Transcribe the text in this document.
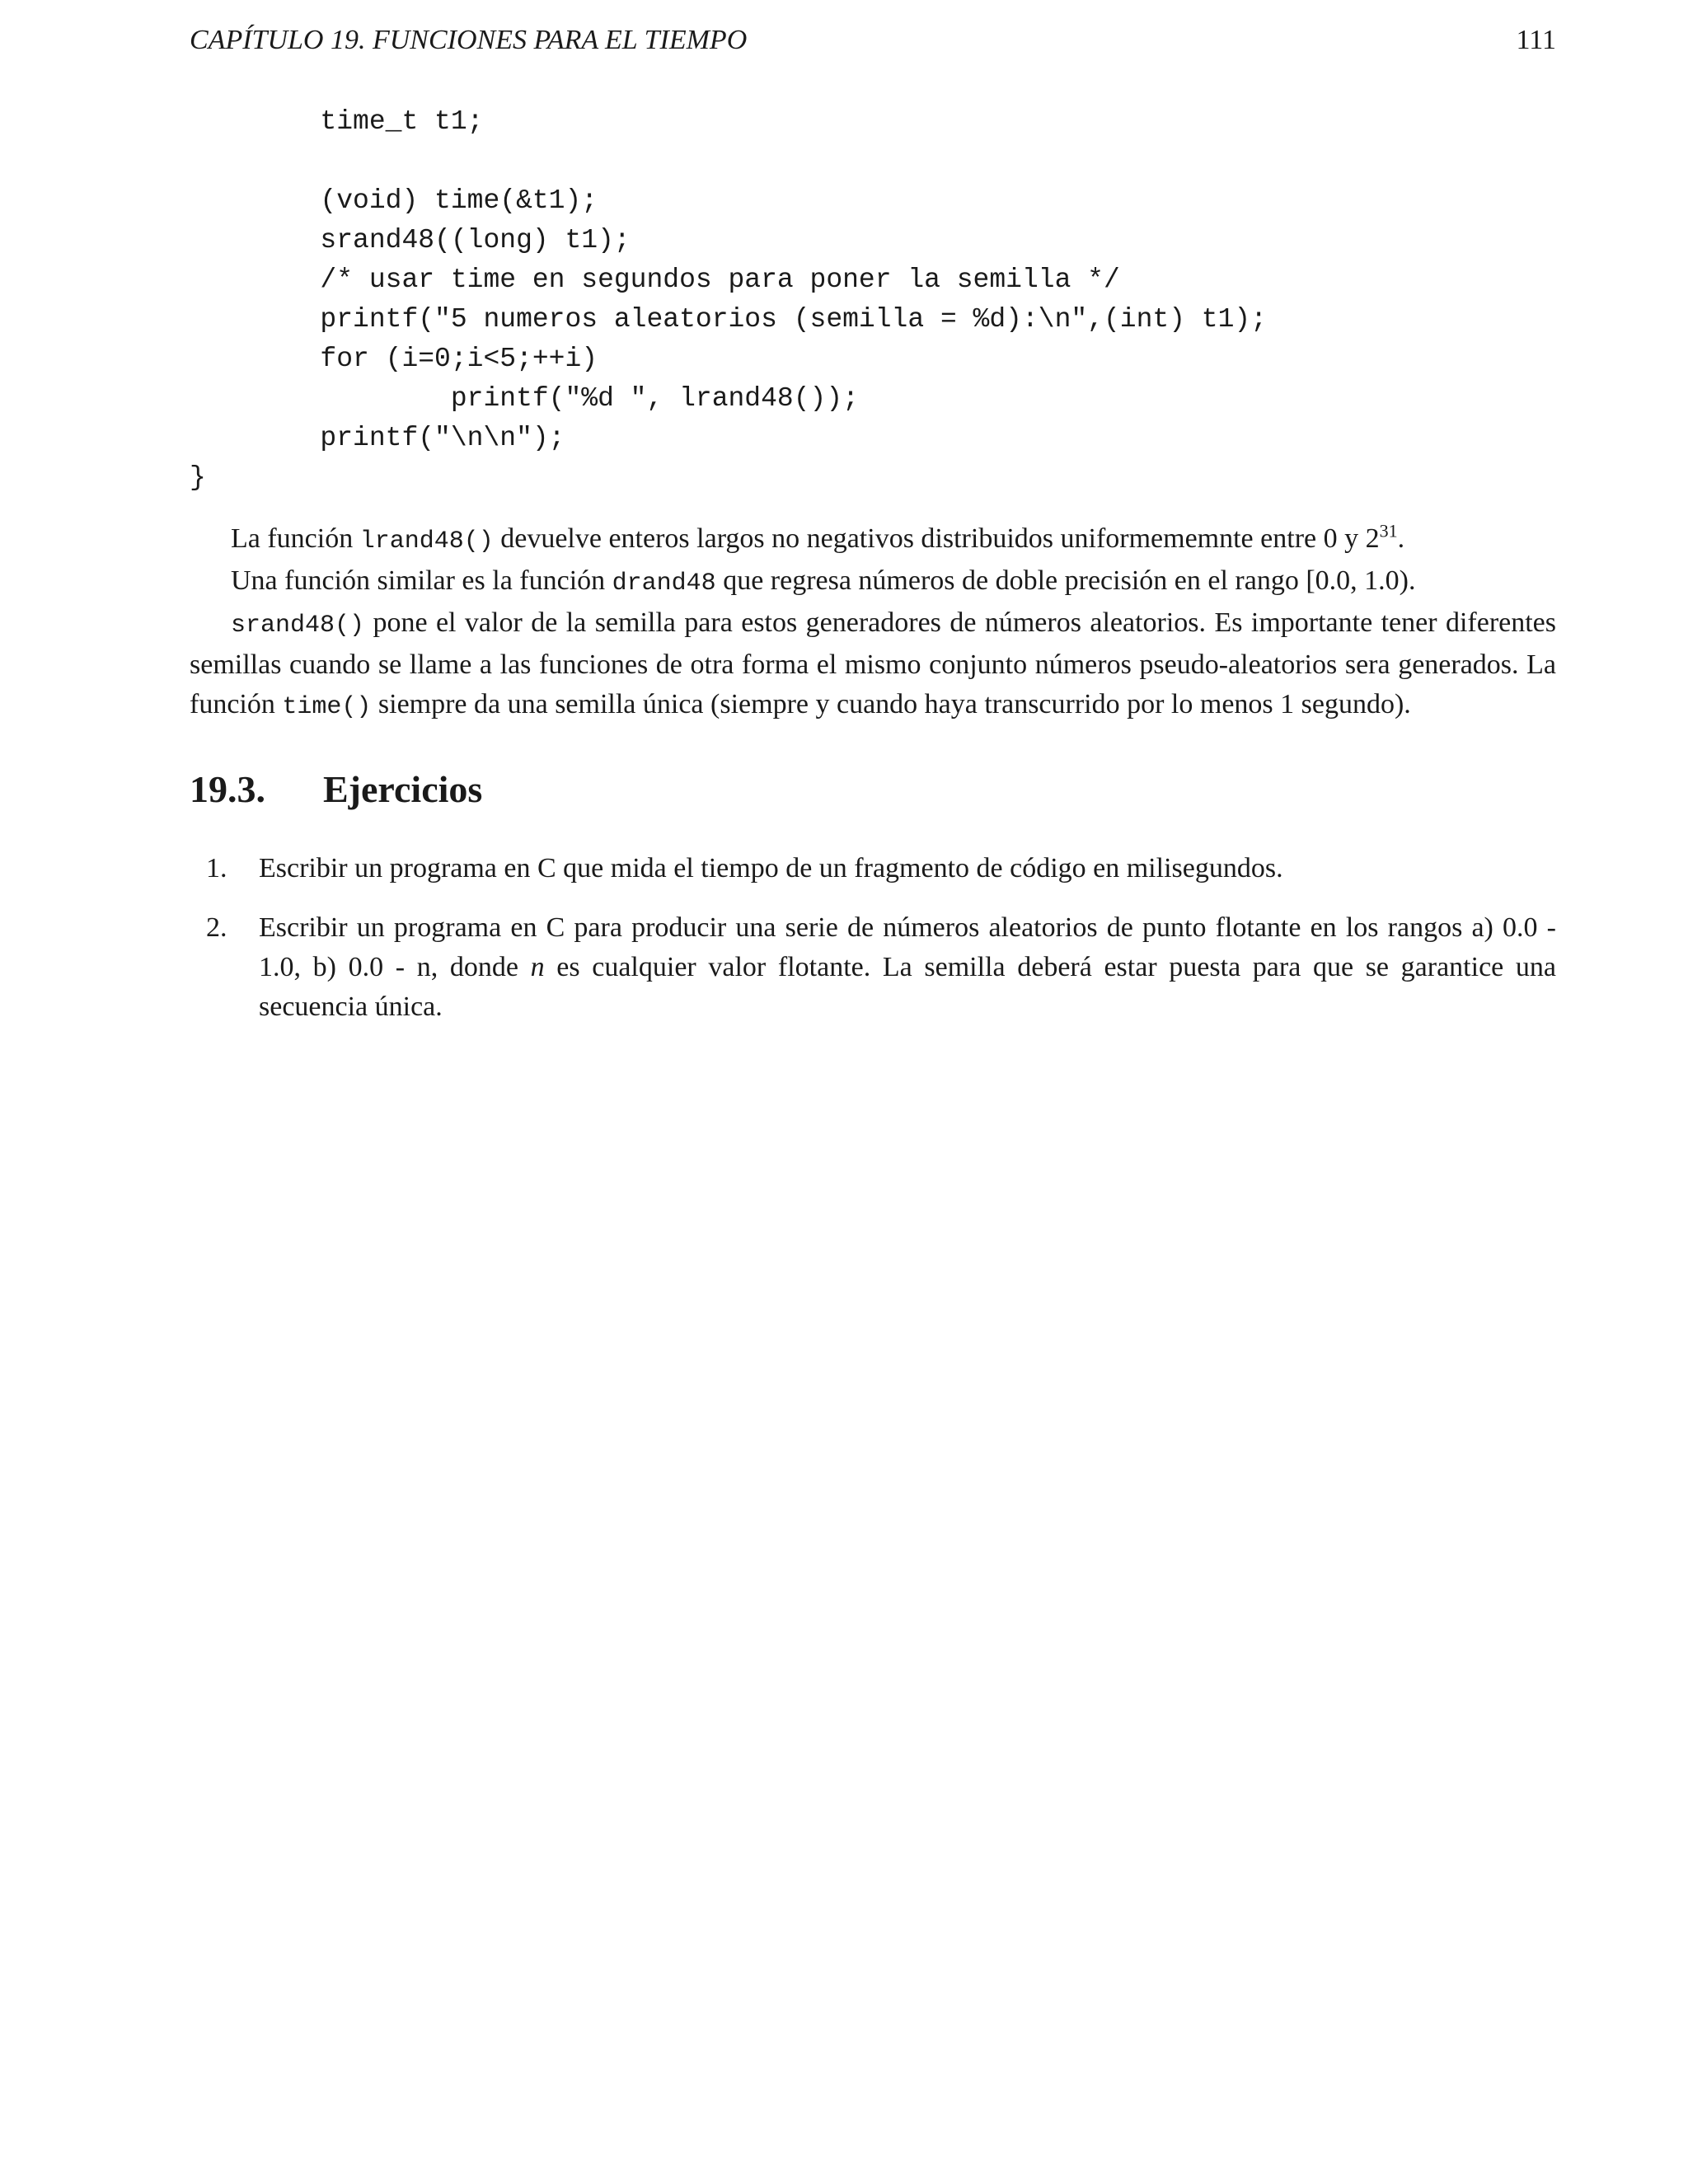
CAPÍTULO 19. FUNCIONES PARA EL TIEMPO	111
time_t t1;
(void) time(&t1);
srand48((long) t1);
/* usar time en segundos para poner la semilla */
printf("5 numeros aleatorios (semilla = %d):\n",(int) t1);
for (i=0;i<5;++i)
printf("%d ", lrand48());
printf("\n\n");
}

La función lrand48() devuelve enteros largos no negativos distribuidos uniformememnte entre 0 y $2^{31}$.

Una función similar es la función drand48 que regresa números de doble precisión en el rango [0.0, 1.0).

srand48() pone el valor de la semilla para estos generadores de números aleatorios. Es importante tener diferentes semillas cuando se llame a las funciones de otra forma el mismo conjunto números pseudo-aleatorios sera generados. La función time() siempre da una semilla única (siempre y cuando haya transcurrido por lo menos 1 segundo).

19.3. Ejercicios
1. Escribir un programa en C que mida el tiempo de un fragmento de código en milisegundos.
2. Escribir un programa en C para producir una serie de números aleatorios de punto flotante en los rangos a) 0.0 - 1.0, b) 0.0 - n, donde n es cualquier valor flotante. La semilla deberá estar puesta para que se garantice una secuencia única.
